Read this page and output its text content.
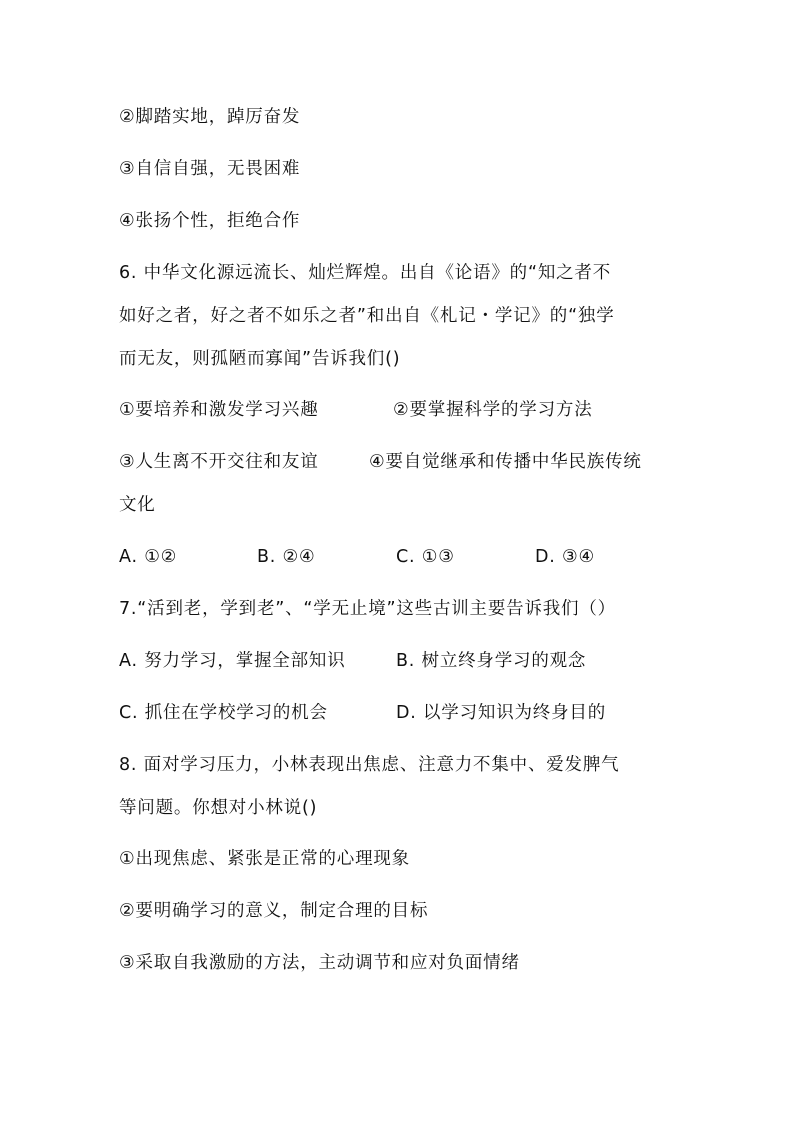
②脚踏实地，踔厉奋发
③自信自强，无畏困难
④张扬个性，拒绝合作
6. 中华文化源远流长、灿烂辉煌。出自《论语》的“知之者不
如好之者，好之者不如乐之者”和出自《札记・学记》的“独学
而无友，则孤陋而寡闻”告诉我们()
①要培养和激发学习兴趣	②要掌握科学的学习方法
③人生离不开交往和友谊	④要自觉继承和传播中华民族传统
文化
A. ①②	B. ②④	C. ①③	D. ③④
7.“活到老，学到老”、“学无止境”这些古训主要告诉我们（）
A. 努力学习，掌握全部知识	B. 树立终身学习的观念
C. 抓住在学校学习的机会	D. 以学习知识为终身目的
8. 面对学习压力，小林表现出焦虑、注意力不集中、爱发脾气
等问题。你想对小林说()
①出现焦虑、紧张是正常的心理现象
②要明确学习的意义，制定合理的目标
③采取自我激励的方法，主动调节和应对负面情绪
